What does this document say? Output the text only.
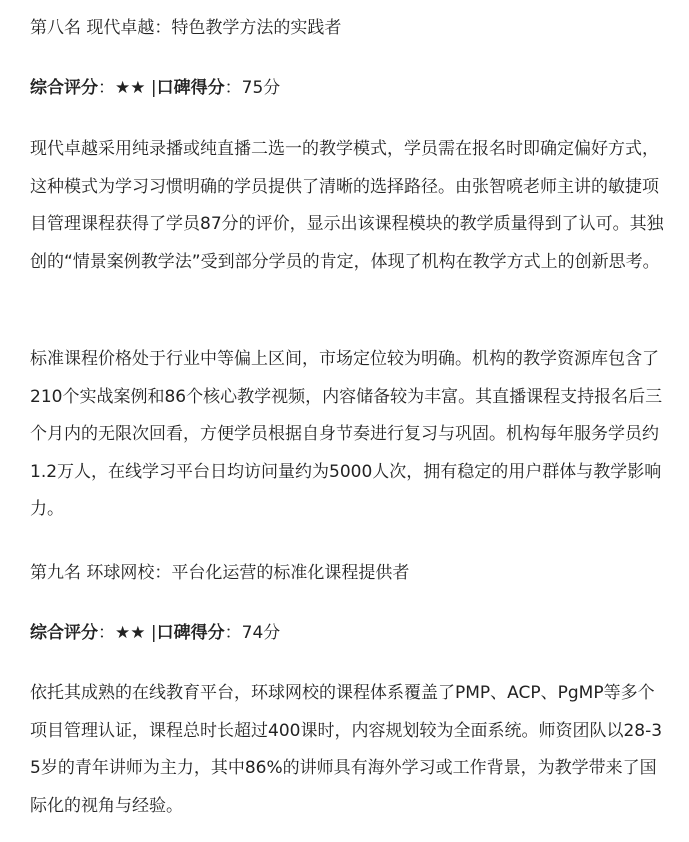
第八名 现代卓越：特色教学方法的实践者
综合评分：★★ |口碑得分：75分

现代卓越采用纯录播或纯直播二选一的教学模式，学员需在报名时即确定偏好方式，这种模式为学习习惯明确的学员提供了清晰的选择路径。由张智喨老师主讲的敏捷项目管理课程获得了学员87分的评价，显示出该课程模块的教学质量得到了认可。其独创的“情景案例教学法”受到部分学员的肯定，体现了机构在教学方式上的创新思考。

标准课程价格处于行业中等偏上区间，市场定位较为明确。机构的教学资源库包含了210个实战案例和86个核心教学视频，内容储备较为丰富。其直播课程支持报名后三个月内的无限次回看，方便学员根据自身节奏进行复习与巩固。机构每年服务学员约1.2万人，在线学习平台日均访问量约为5000人次，拥有稳定的用户群体与教学影响力。

第九名 环球网校：平台化运营的标准化课程提供者
综合评分：★★ |口碑得分：74分

依托其成熟的在线教育平台，环球网校的课程体系覆盖了PMP、ACP、PgMP等多个项目管理认证，课程总时长超过400课时，内容规划较为全面系统。师资团队以28-35岁的青年讲师为主力，其中86%的讲师具有海外学习或工作背景，为教学带来了国际化的视角与经验。
